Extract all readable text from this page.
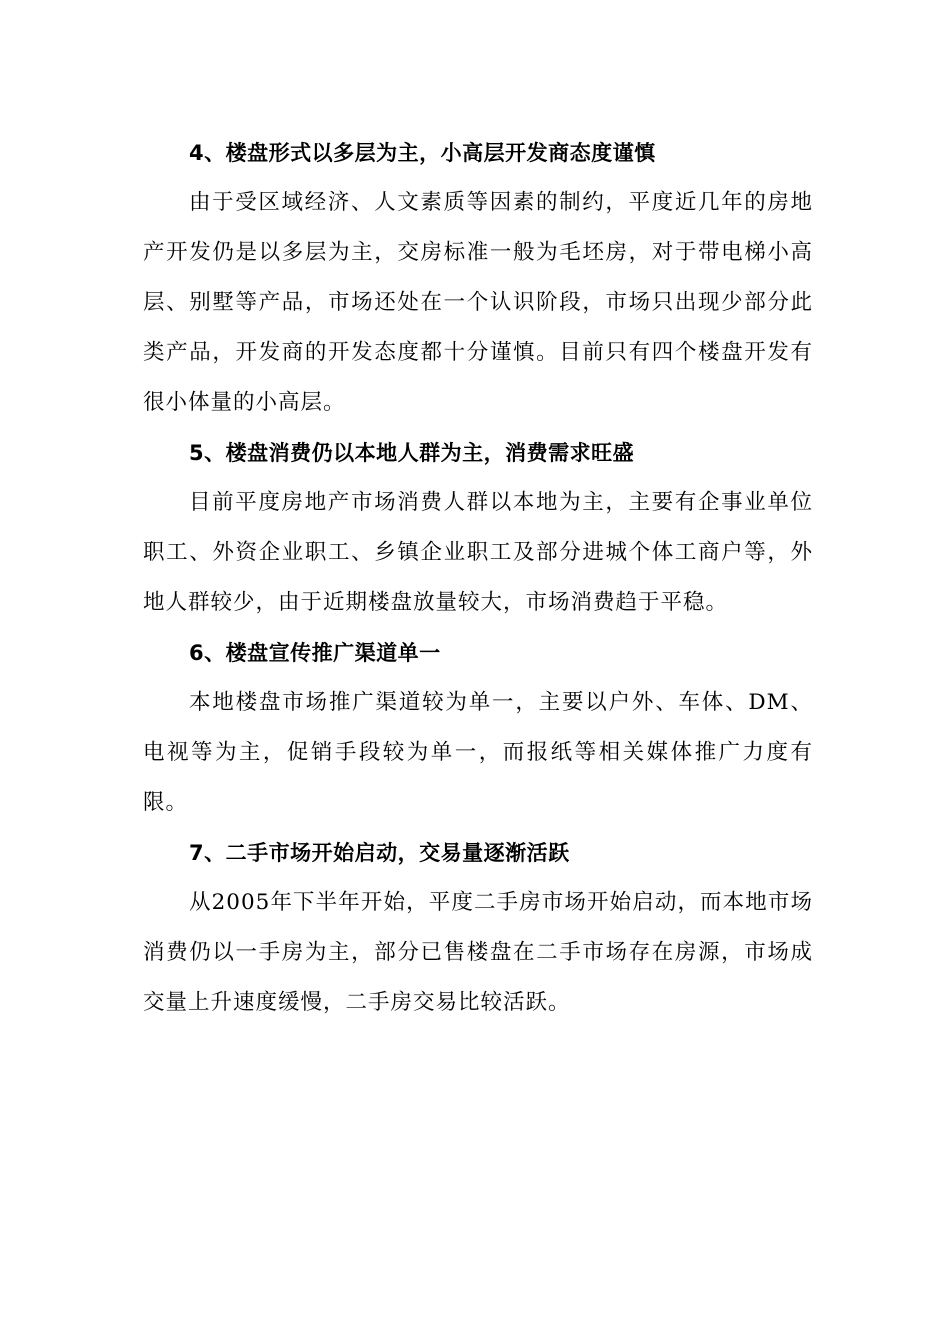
4、楼盘形式以多层为主，小高层开发商态度谨慎

由于受区域经济、人文素质等因素的制约，平度近几年的房地产开发仍是以多层为主，交房标准一般为毛坯房，对于带电梯小高层、别墅等产品，市场还处在一个认识阶段，市场只出现少部分此类产品，开发商的开发态度都十分谨慎。目前只有四个楼盘开发有很小体量的小高层。

5、楼盘消费仍以本地人群为主，消费需求旺盛

目前平度房地产市场消费人群以本地为主，主要有企事业单位职工、外资企业职工、乡镇企业职工及部分进城个体工商户等，外地人群较少，由于近期楼盘放量较大，市场消费趋于平稳。

6、楼盘宣传推广渠道单一

本地楼盘市场推广渠道较为单一，主要以户外、车体、DM、电视等为主，促销手段较为单一，而报纸等相关媒体推广力度有限。

7、二手市场开始启动，交易量逐渐活跃

从2005年下半年开始，平度二手房市场开始启动，而本地市场消费仍以一手房为主，部分已售楼盘在二手市场存在房源，市场成交量上升速度缓慢，二手房交易比较活跃。
